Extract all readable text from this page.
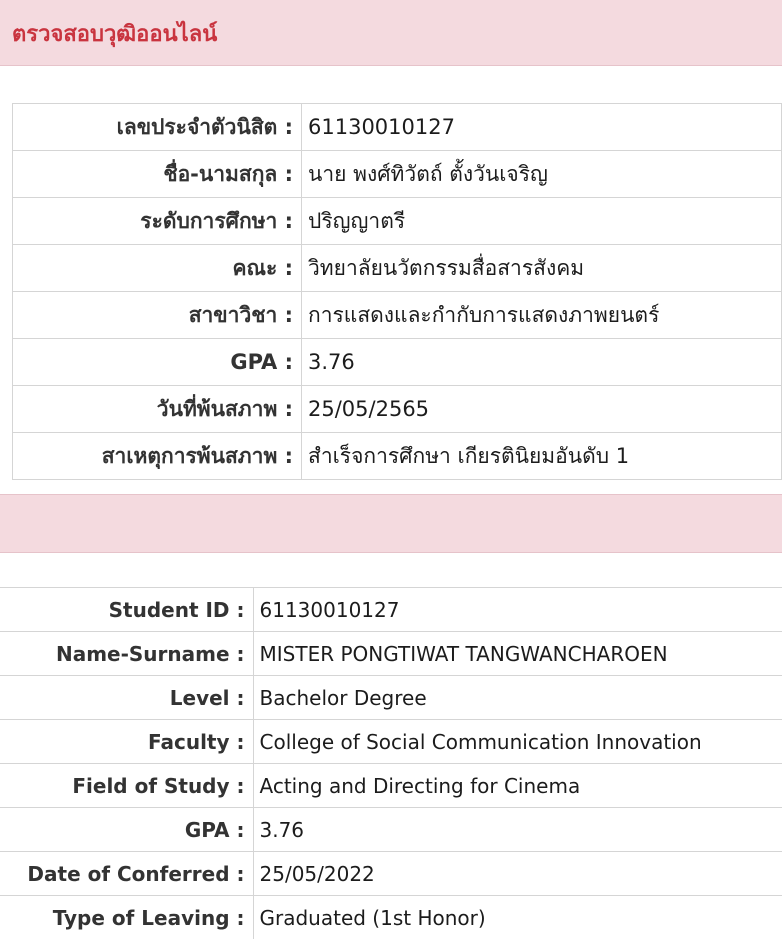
ตรวจสอบวุฒิออนไลน์
เลขประจำตัวนิสิต :	61130010127
ชื่อ-นามสกุล :	นาย พงศ์ทิวัตถ์ ตั้งวันเจริญ
ระดับการศึกษา :	ปริญญาตรี
คณะ :	วิทยาลัยนวัตกรรมสื่อสารสังคม
สาขาวิชา :	การแสดงและกำกับการแสดงภาพยนตร์
GPA :	3.76
วันที่พ้นสภาพ :	25/05/2565
สาเหตุการพ้นสภาพ :	สำเร็จการศึกษา เกียรตินิยมอันดับ 1
Student ID :	61130010127
Name-Surname :	MISTER PONGTIWAT TANGWANCHAROEN
Level :	Bachelor Degree
Faculty :	College of Social Communication Innovation
Field of Study :	Acting and Directing for Cinema
GPA :	3.76
Date of Conferred :	25/05/2022
Type of Leaving :	Graduated (1st Honor)
